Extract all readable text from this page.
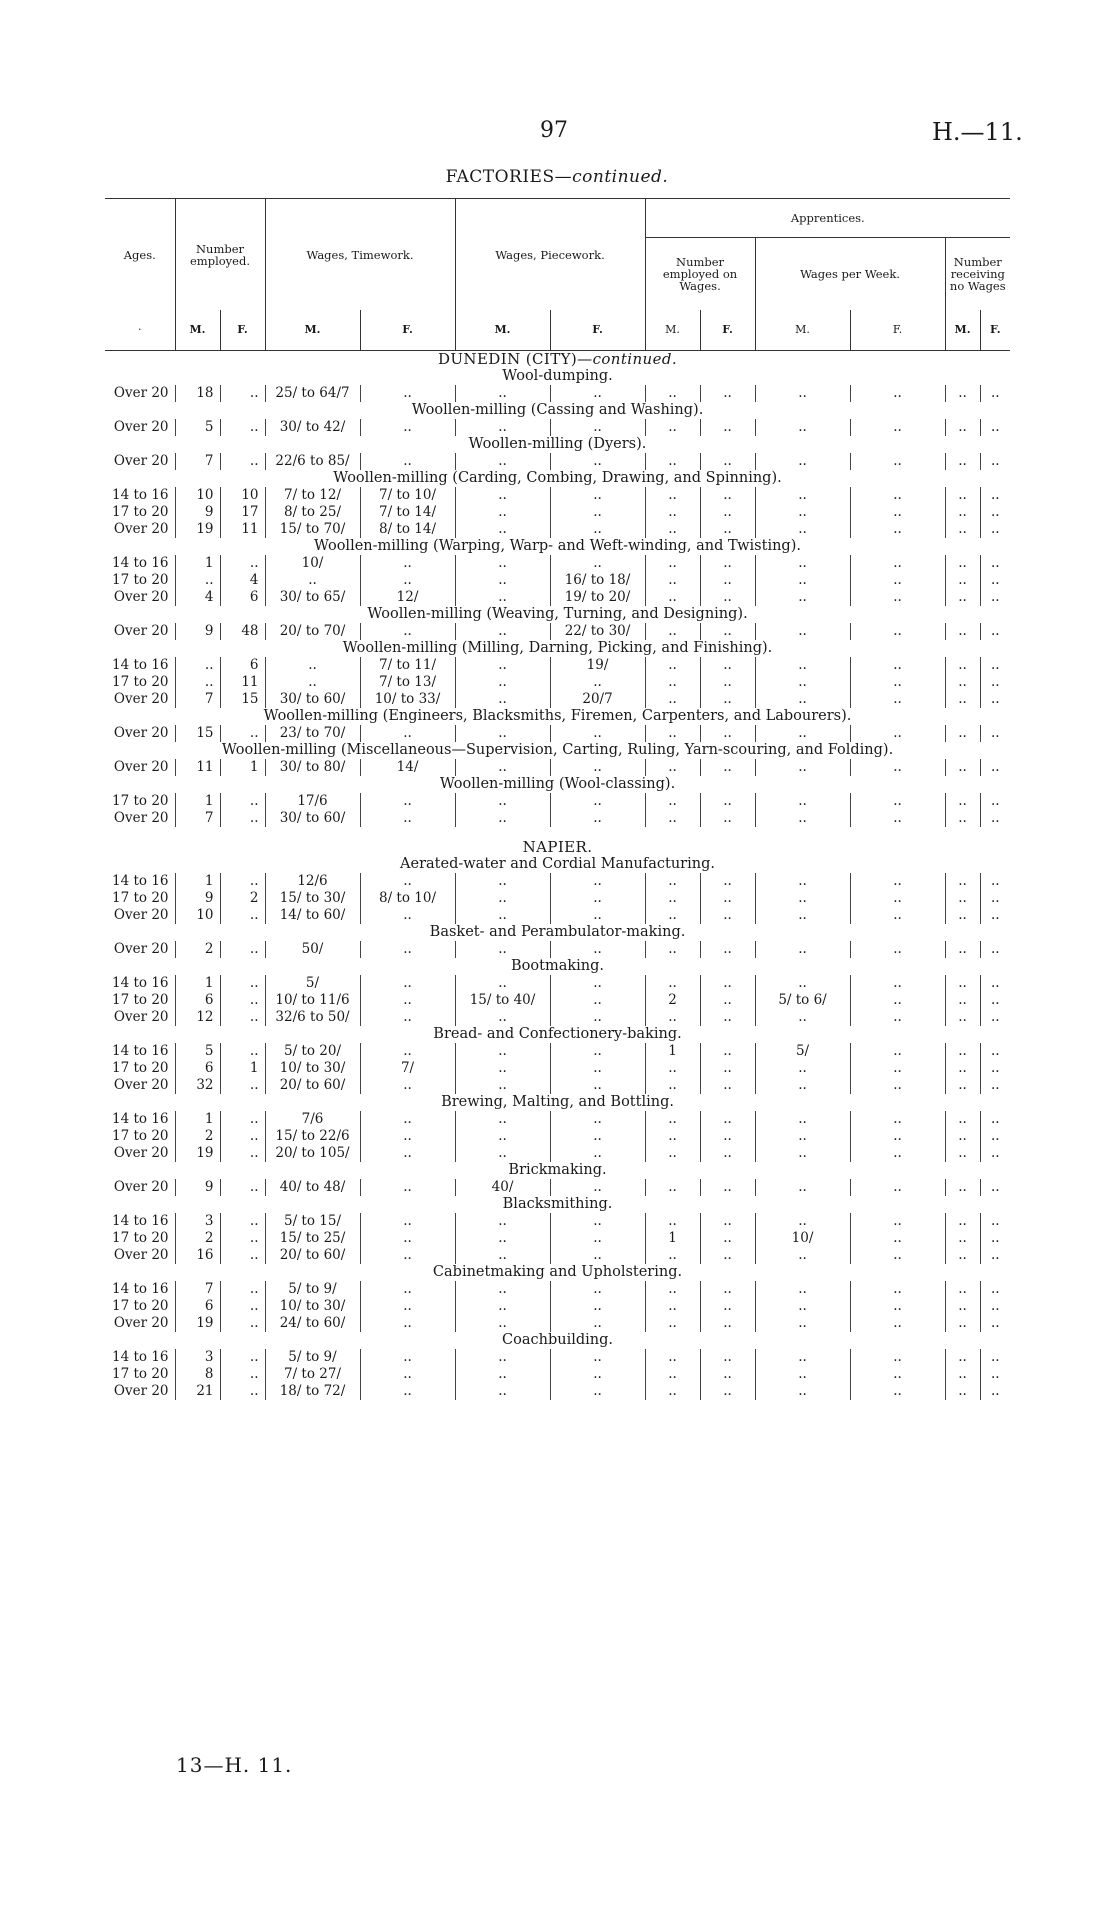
97	H.—11.
FACTORIES—continued.
Ages.	Number employed.		Wages, Timework.		Wages, Piecework.		Apprentices.					
							Number employed on Wages.		Wages per Week.		Number receiving no Wages	
·	M.	F.	M.	F.	M.	F.	M.	F.	M.	F.	M.	F.
DUNEDIN (CITY)—continued.												
Wool-dumping.												
Over 20	18	..	25/ to 64/7	..	..	..	..	..	..	..	..	..
Woollen-milling (Cassing and Washing).												
Over 20	5	..	30/ to 42/	..	..	..	..	..	..	..	..	..
Woollen-milling (Dyers).												
Over 20	7	..	22/6 to 85/	..	..	..	..	..	..	..	..	..
Woollen-milling (Carding, Combing, Drawing, and Spinning).												
14 to 16	10	10	7/ to 12/	7/ to 10/	..	..	..	..	..	..	..	..
17 to 20	9	17	8/ to 25/	7/ to 14/	..	..	..	..	..	..	..	..
Over 20	19	11	15/ to 70/	8/ to 14/	..	..	..	..	..	..	..	..
Woollen-milling (Warping, Warp- and Weft-winding, and Twisting).												
14 to 16	1	..	10/	..	..	..	..	..	..	..	..	..
17 to 20	..	4	..	..	..	16/ to 18/	..	..	..	..	..	..
Over 20	4	6	30/ to 65/	12/	..	19/ to 20/	..	..	..	..	..	..
Woollen-milling (Weaving, Turning, and Designing).												
Over 20	9	48	20/ to 70/	..	..	22/ to 30/	..	..	..	..	..	..
Woollen-milling (Milling, Darning, Picking, and Finishing).												
14 to 16	..	6	..	7/ to 11/	..	19/	..	..	..	..	..	..
17 to 20	..	11	..	7/ to 13/	..	..	..	..	..	..	..	..
Over 20	7	15	30/ to 60/	10/ to 33/	..	20/7	..	..	..	..	..	..
Woollen-milling (Engineers, Blacksmiths, Firemen, Carpenters, and Labourers).												
Over 20	15	..	23/ to 70/	..	..	..	..	..	..	..	..	..
Woollen-milling (Miscellaneous—Supervision, Carting, Ruling, Yarn-scouring, and Folding).												
Over 20	11	1	30/ to 80/	14/	..	..	..	..	..	..	..	..
Woollen-milling (Wool-classing).												
17 to 20	1	..	17/6	..	..	..	..	..	..	..	..	..
Over 20	7	..	30/ to 60/	..	..	..	..	..	..	..	..	..

NAPIER.												
Aerated-water and Cordial Manufacturing.												
14 to 16	1	..	12/6	..	..	..	..	..	..	..	..	..
17 to 20	9	2	15/ to 30/	8/ to 10/	..	..	..	..	..	..	..	..
Over 20	10	..	14/ to 60/	..	..	..	..	..	..	..	..	..
Basket- and Perambulator-making.												
Over 20	2	..	50/	..	..	..	..	..	..	..	..	..
Bootmaking.												
14 to 16	1	..	5/	..	..	..	..	..	..	..	..	..
17 to 20	6	..	10/ to 11/6	..	15/ to 40/	..	2	..	5/ to 6/	..	..	..
Over 20	12	..	32/6 to 50/	..	..	..	..	..	..	..	..	..
Bread- and Confectionery-baking.												
14 to 16	5	..	5/ to 20/	..	..	..	1	..	5/	..	..	..
17 to 20	6	1	10/ to 30/	7/	..	..	..	..	..	..	..	..
Over 20	32	..	20/ to 60/	..	..	..	..	..	..	..	..	..
Brewing, Malting, and Bottling.												
14 to 16	1	..	7/6	..	..	..	..	..	..	..	..	..
17 to 20	2	..	15/ to 22/6	..	..	..	..	..	..	..	..	..
Over 20	19	..	20/ to 105/	..	..	..	..	..	..	..	..	..
Brickmaking.												
Over 20	9	..	40/ to 48/	..	40/	..	..	..	..	..	..	..
Blacksmithing.												
14 to 16	3	..	5/ to 15/	..	..	..	..	..	..	..	..	..
17 to 20	2	..	15/ to 25/	..	..	..	1	..	10/	..	..	..
Over 20	16	..	20/ to 60/	..	..	..	..	..	..	..	..	..
Cabinetmaking and Upholstering.												
14 to 16	7	..	5/ to 9/	..	..	..	..	..	..	..	..	..
17 to 20	6	..	10/ to 30/	..	..	..	..	..	..	..	..	..
Over 20	19	..	24/ to 60/	..	..	..	..	..	..	..	..	..
Coachbuilding.												
14 to 16	3	..	5/ to 9/	..	..	..	..	..	..	..	..	..
17 to 20	8	..	7/ to 27/	..	..	..	..	..	..	..	..	..
Over 20	21	..	18/ to 72/	..	..	..	..	..	..	..	..	..
13—H. 11.
